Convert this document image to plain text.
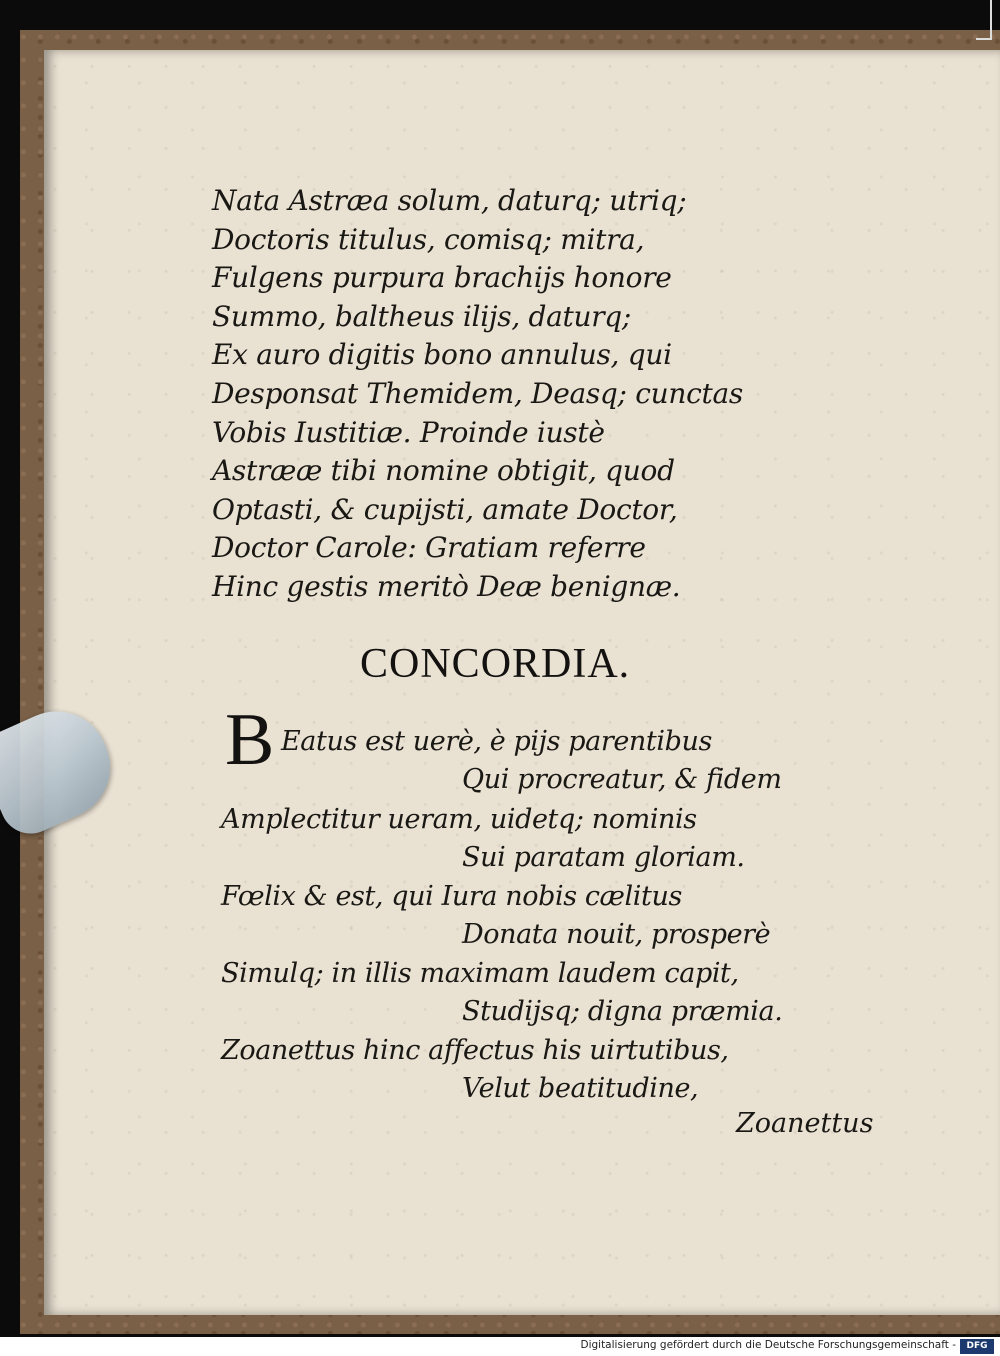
Nata Astræa solum, daturq; utriq;
Doctoris titulus, comisq; mitra,
Fulgens purpura brachijs honore
Summo, baltheus ilijs, daturq;
Ex auro digitis bono annulus, qui
Desponsat Themidem, Deasq; cunctas
Vobis Iustitiæ. Proinde iustè
Astrææ tibi nomine obtigit, quod
Optasti, & cupijsti, amate Doctor,
Doctor Carole: Gratiam referre
Hinc gestis meritò Deæ benignæ.
CONCORDIA.
B Eatus est uerè, è pijs parentibus
Qui procreatur, & fidem
Amplectitur ueram, uidetq; nominis
Sui paratam gloriam.
Fœlix & est, qui Iura nobis cælitus
Donata nouit, prosperè
Simulq; in illis maximam laudem capit,
Studijsq; digna præmia.
Zoanettus hinc affectus his uirtutibus,
Velut beatitudine,
Zoanettus
Digitalisierung gefördert durch die Deutsche Forschungsgemeinschaft -	DFG
